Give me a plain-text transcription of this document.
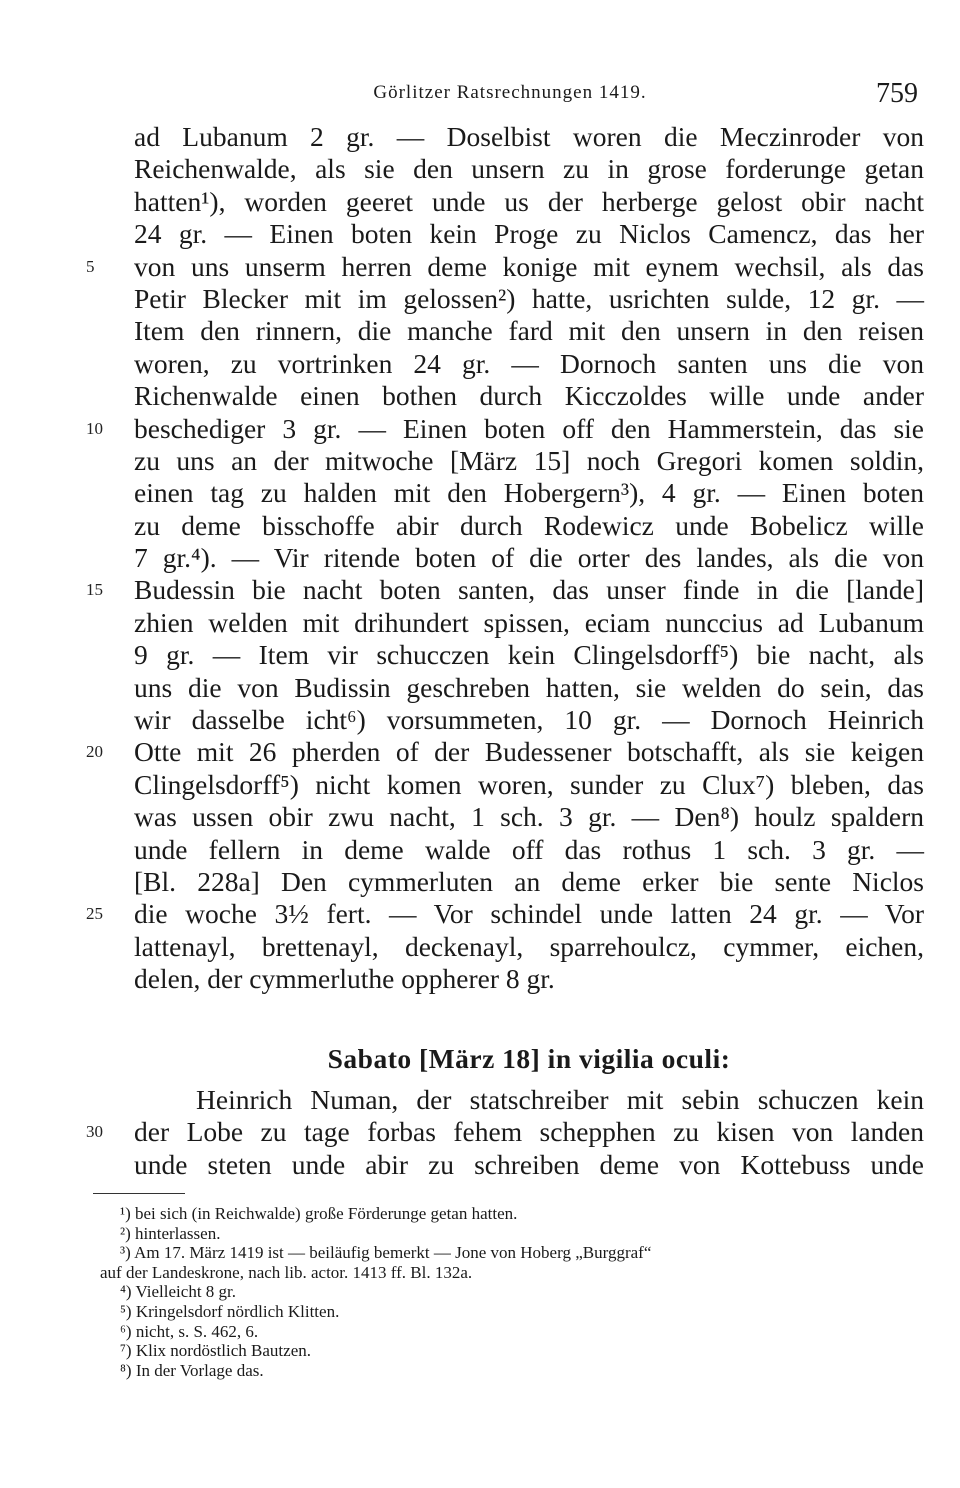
Görlitzer Ratsrechnungen 1419.	759
ad Lubanum 2 gr. — Doselbist woren die Meczinroder von
Reichenwalde, als sie den unsern zu in grose forderunge getan
hatten¹), worden geeret unde us der herberge gelost obir nacht
24 gr. — Einen boten kein Proge zu Niclos Camencz, das her
5	von uns unserm herren deme konige mit eynem wechsil, als das
Petir Blecker mit im gelossen²) hatte, usrichten sulde, 12 gr. —
Item den rinnern, die manche fard mit den unsern in den reisen
woren, zu vortrinken 24 gr. — Dornoch santen uns die von
Richenwalde einen bothen durch Kicczoldes wille unde ander
10	beschediger 3 gr. — Einen boten off den Hammerstein, das sie
zu uns an der mitwoche [März 15] noch Gregori komen soldin,
einen tag zu halden mit den Hobergern³), 4 gr. — Einen boten
zu deme bisschoffe abir durch Rodewicz unde Bobelicz wille
7 gr.⁴). — Vir ritende boten of die orter des landes, als die von
15	Budessin bie nacht boten santen, das unser finde in die [lande]
zhien welden mit drihundert spissen, eciam nunccius ad Lubanum
9 gr. — Item vir schucczen kein Clingelsdorff⁵) bie nacht, als
uns die von Budissin geschreben hatten, sie welden do sein, das
wir dasselbe icht⁶) vorsummeten, 10 gr. — Dornoch Heinrich
20	Otte mit 26 pherden of der Budessener botschafft, als sie keigen
Clingelsdorff⁵) nicht komen woren, sunder zu Clux⁷) bleben, das
was ussen obir zwu nacht, 1 sch. 3 gr. — Den⁸) houlz spaldern
unde fellern in deme walde off das rothus 1 sch. 3 gr. —
[Bl. 228a] Den cymmerluten an deme erker bie sente Niclos
25	die woche 3½ fert. — Vor schindel unde latten 24 gr. — Vor
lattenayl, brettenayl, deckenayl, sparrehoulcz, cymmer, eichen,
delen, der cymmerluthe oppherer 8 gr.
Sabato [März 18] in vigilia oculi:
Heinrich Numan, der statschreiber mit sebin schuczen kein
30	der Lobe zu tage forbas fehem schepphen zu kisen von landen
unde steten unde abir zu schreiben deme von Kottebuss unde
¹) bei sich (in Reichwalde) große Förderunge getan hatten.
²) hinterlassen.
³) Am 17. März 1419 ist — beiläufig bemerkt — Jone von Hoberg „Burggraf“
auf der Landeskrone, nach lib. actor. 1413 ff. Bl. 132a.
⁴) Vielleicht 8 gr.
⁵) Kringelsdorf nördlich Klitten.
⁶) nicht, s. S. 462, 6.
⁷) Klix nordöstlich Bautzen.
⁸) In der Vorlage das.
